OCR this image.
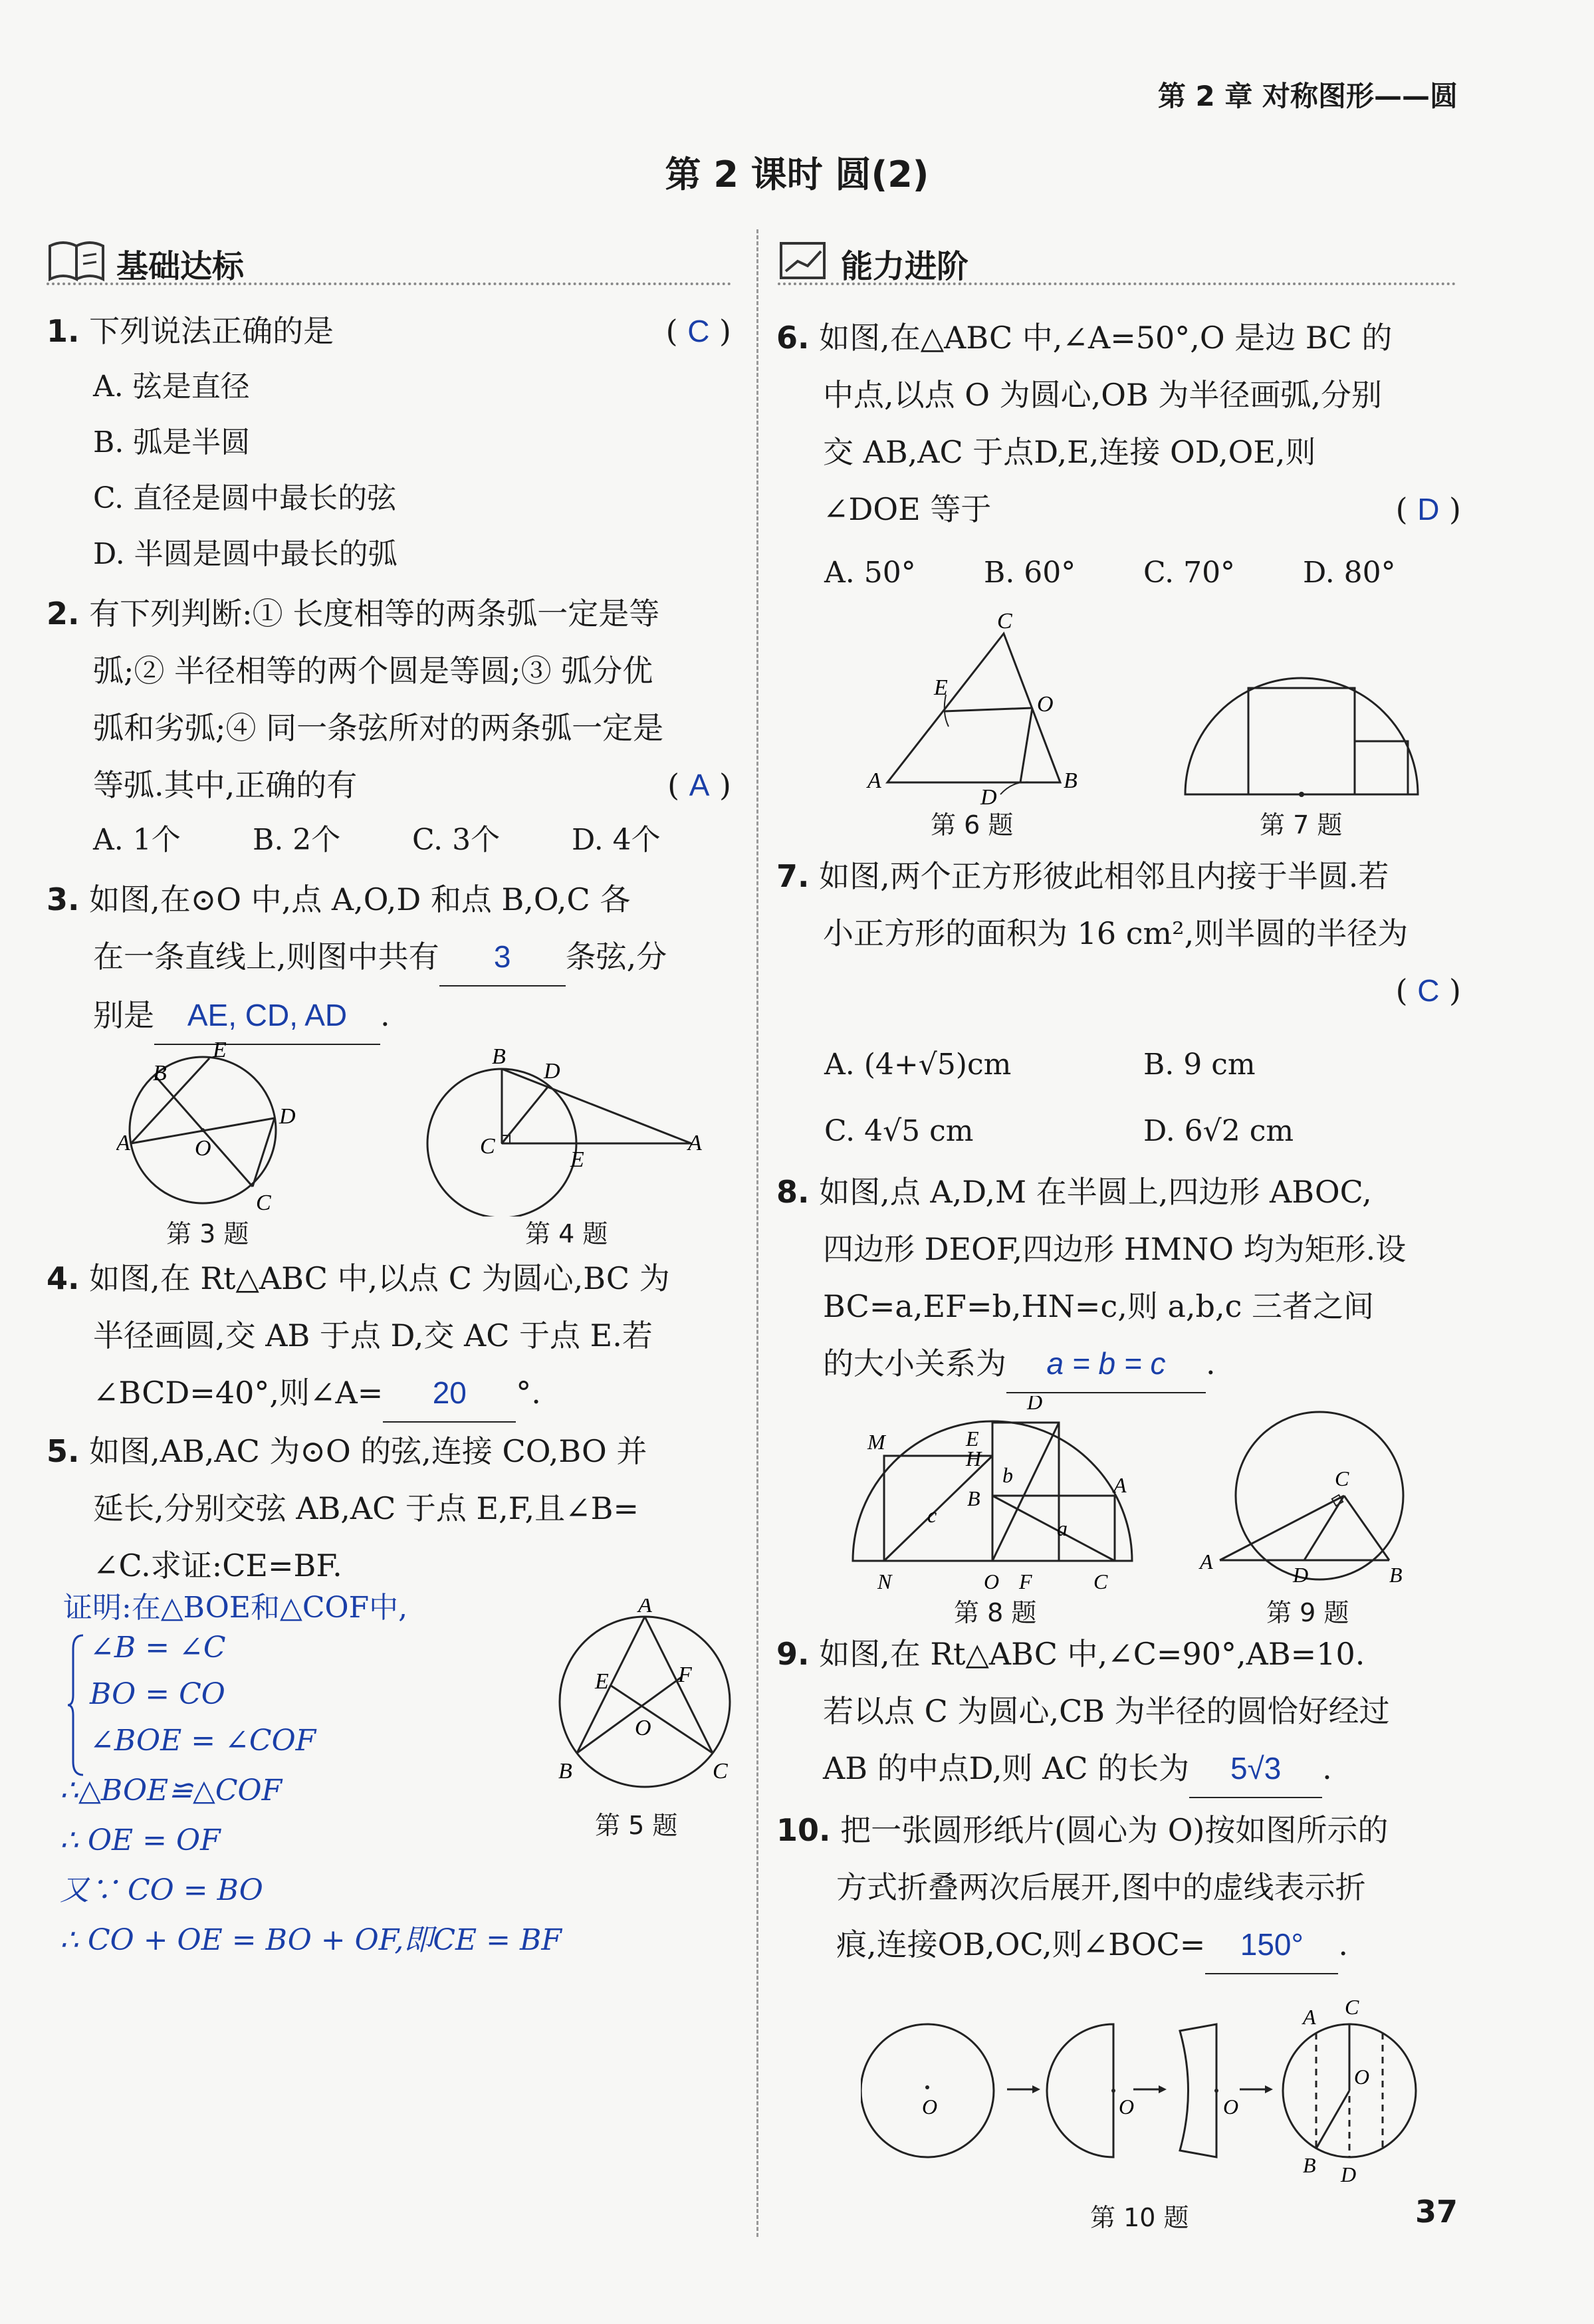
第 2 章 对称图形——圆
第 2 课时 圆(2)
基础达标	能力进阶
1. 下列说法正确的是	( C )
A. 弦是直径
B. 弧是半圆
C. 直径是圆中最长的弦
D. 半圆是圆中最长的弧
2. 有下列判断:① 长度相等的两条弧一定是等
弧;② 半径相等的两个圆是等圆;③ 弧分优
弧和劣弧;④ 同一条弦所对的两条弧一定是
等弧.其中,正确的有	( A )
A. 1个 B. 2个 C. 3个 D. 4个
3. 如图,在⊙O 中,点 A,O,D 和点 B,O,C 各
在一条直线上,则图中共有 3 条弦,分
别是 AE, CD, AD .
E
B
A	O
D
C
第 3 题
B
D
C
E
A
第 4 题
4. 如图,在 Rt△ABC 中,以点 C 为圆心,BC 为
半径画圆,交 AB 于点 D,交 AC 于点 E.若
∠BCD=40°,则∠A= 20 °.
5. 如图,AB,AC 为⊙O 的弦,连接 CO,BO 并
延长,分别交弦 AB,AC 于点 E,F,且∠B=
∠C.求证:CE=BF.
证明:在△BOE和△COF中,
∠B = ∠C
BO = CO
∠BOE = ∠COF
∴△BOE≌△COF
∴ OE = OF
又∵ CO = BO
∴ CO + OE = BO + OF,即CE = BF
A
E	F
O
B	C
第 5 题
6. 如图,在△ABC 中,∠A=50°,O 是边 BC 的
中点,以点 O 为圆心,OB 为半径画弧,分别
交 AB,AC 于点D,E,连接 OD,OE,则
∠DOE 等于	( D )
A. 50° B. 60° C. 70° D. 80°
C
E
O
A
D
B
第 6 题	第 7 题
7. 如图,两个正方形彼此相邻且内接于半圆.若
小正方形的面积为 16 cm²,则半圆的半径为
( C )
A. (4+√5)cm	B. 9 cm
C. 4√5 cm	D. 6√2 cm
8. 如图,点 A,D,M 在半圆上,四边形 ABOC,
四边形 DEOF,四边形 HMNO 均为矩形.设
BC=a,EF=b,HN=c,则 a,b,c 三者之间
的大小关系为 a = b = c .
D
M	E
H
b	A
B
c
a
N	O F	C
第 8 题
C
A
D	B
第 9 题
9. 如图,在 Rt△ABC 中,∠C=90°,AB=10.
若以点 C 为圆心,CB 为半径的圆恰好经过
AB 的中点D,则 AC 的长为 5√3 .
10. 把一张圆形纸片(圆心为 O)按如图所示的
方式折叠两次后展开,图中的虚线表示折
痕,连接OB,OC,则∠BOC= 150° .
O	O	O
A C
O
B D
第 10 题	37
